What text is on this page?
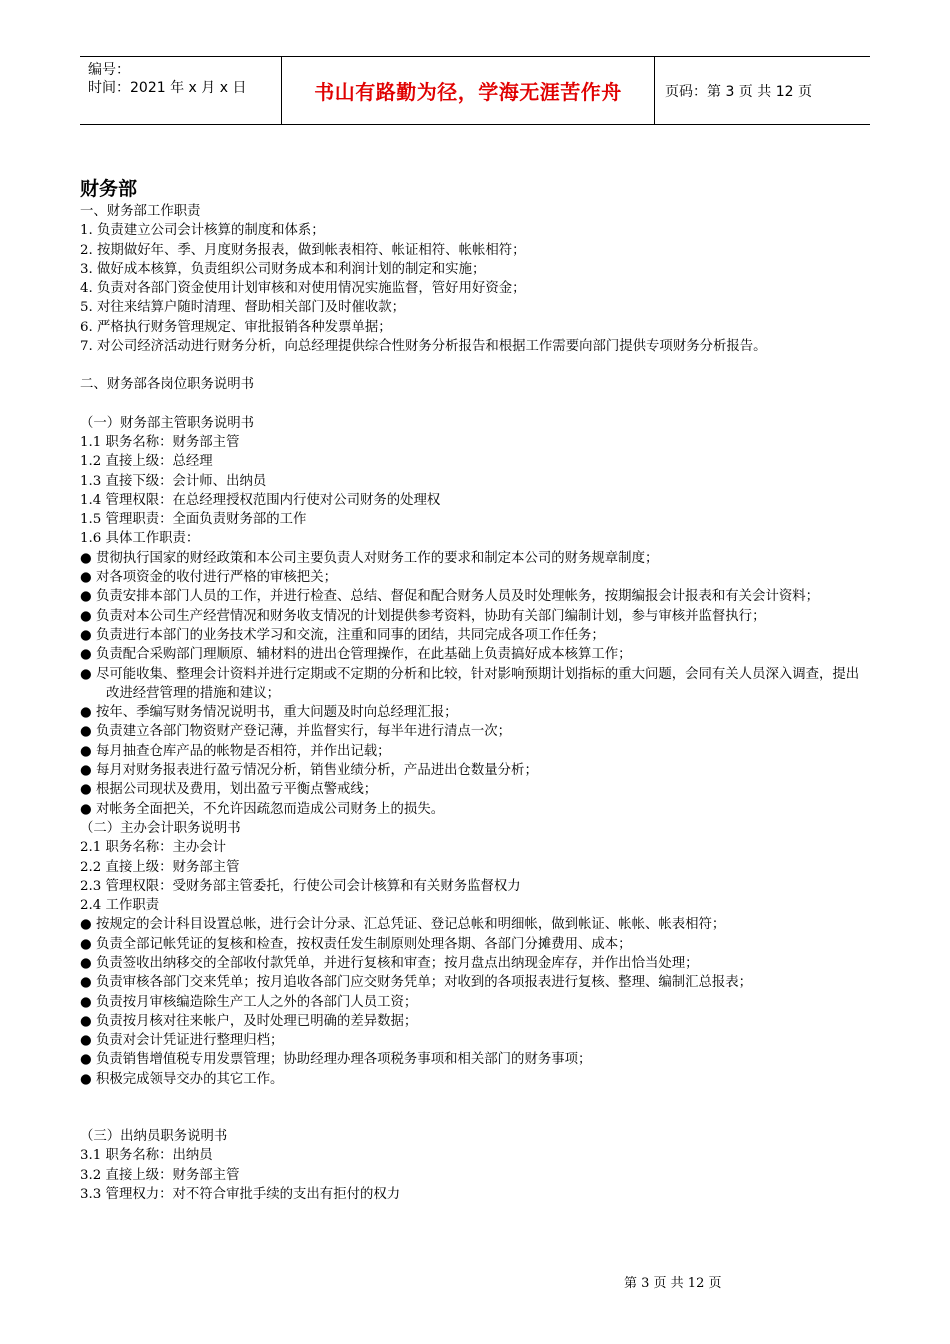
编号：
时间：2021 年 x 月 x 日	书山有路勤为径，学海无涯苦作舟	页码：第 3 页 共 12 页
财务部
一、财务部工作职责
1. 负责建立公司会计核算的制度和体系；
2. 按期做好年、季、月度财务报表，做到帐表相符、帐证相符、帐帐相符；
3. 做好成本核算，负责组织公司财务成本和利润计划的制定和实施；
4. 负责对各部门资金使用计划审核和对使用情况实施监督，管好用好资金；
5. 对往来结算户随时清理、督助相关部门及时催收款；
6. 严格执行财务管理规定、审批报销各种发票单据；
7. 对公司经济活动进行财务分析，向总经理提供综合性财务分析报告和根据工作需要向部门提供专项财务分析报告。
二、财务部各岗位职务说明书
（一）财务部主管职务说明书
1.1 职务名称：财务部主管
1.2 直接上级：总经理
1.3 直接下级：会计师、出纳员
1.4 管理权限：在总经理授权范围内行使对公司财务的处理权
1.5 管理职责：全面负责财务部的工作
1.6 具体工作职责：
● 贯彻执行国家的财经政策和本公司主要负责人对财务工作的要求和制定本公司的财务规章制度；
● 对各项资金的收付进行严格的审核把关；
● 负责安排本部门人员的工作，并进行检查、总结、督促和配合财务人员及时处理帐务，按期编报会计报表和有关会计资料；
● 负责对本公司生产经营情况和财务收支情况的计划提供参考资料，协助有关部门编制计划，参与审核并监督执行；
● 负责进行本部门的业务技术学习和交流，注重和同事的团结，共同完成各项工作任务；
● 负责配合采购部门理顺原、辅材料的进出仓管理操作，在此基础上负责搞好成本核算工作；
● 尽可能收集、整理会计资料并进行定期或不定期的分析和比较，针对影响预期计划指标的重大问题，会同有关人员深入调查，提出改进经营管理的措施和建议；
● 按年、季编写财务情况说明书，重大问题及时向总经理汇报；
● 负责建立各部门物资财产登记薄，并监督实行，每半年进行清点一次；
● 每月抽查仓库产品的帐物是否相符，并作出记载；
● 每月对财务报表进行盈亏情况分析，销售业绩分析，产品进出仓数量分析；
● 根据公司现状及费用，划出盈亏平衡点警戒线；
● 对帐务全面把关，不允许因疏忽而造成公司财务上的损失。
（二）主办会计职务说明书
2.1 职务名称：主办会计
2.2 直接上级：财务部主管
2.3 管理权限：受财务部主管委托，行使公司会计核算和有关财务监督权力
2.4 工作职责
● 按规定的会计科目设置总帐，进行会计分录、汇总凭证、登记总帐和明细帐，做到帐证、帐帐、帐表相符；
● 负责全部记帐凭证的复核和检查，按权责任发生制原则处理各期、各部门分摊费用、成本；
● 负责签收出纳移交的全部收付款凭单，并进行复核和审查；按月盘点出纳现金库存，并作出恰当处理；
● 负责审核各部门交来凭单；按月追收各部门应交财务凭单；对收到的各项报表进行复核、整理、编制汇总报表；
● 负责按月审核编造除生产工人之外的各部门人员工资；
● 负责按月核对往来帐户，及时处理已明确的差异数据；
● 负责对会计凭证进行整理归档；
● 负责销售增值税专用发票管理；协助经理办理各项税务事项和相关部门的财务事项；
● 积极完成领导交办的其它工作。
（三）出纳员职务说明书
3.1 职务名称：出纳员
3.2 直接上级：财务部主管
3.3 管理权力：对不符合审批手续的支出有拒付的权力
第 3 页 共 12 页
